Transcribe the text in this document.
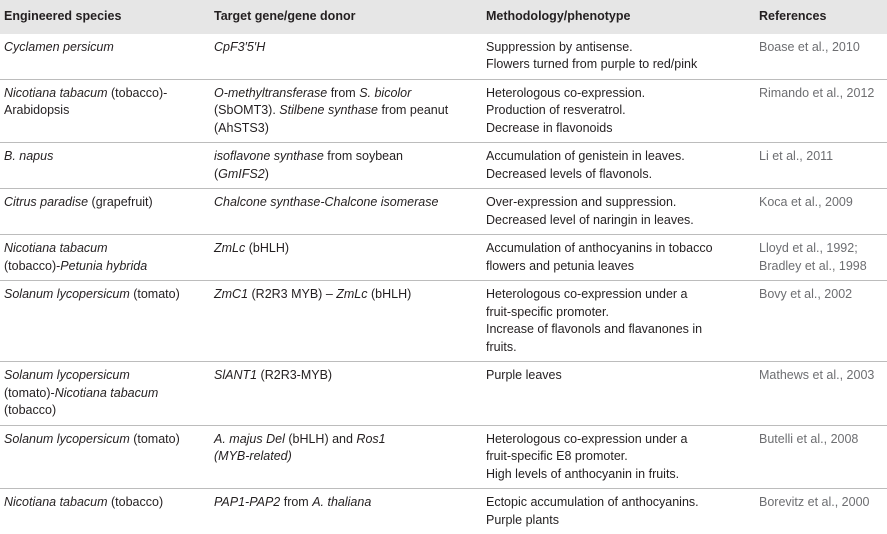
Engineered species	Target gene/gene donor	Methodology/phenotype	References

Cyclamen persicum	CpF3′5′H	Suppression by antisense.
Flowers turned from purple to red/pink	Boase et al., 2010

Nicotiana tabacum (tobacco)-
Arabidopsis	O-methyltransferase from S. bicolor
(SbOMT3). Stilbene synthase from peanut
(AhSTS3)	Heterologous co-expression.
Production of resveratrol.
Decrease in flavonoids	Rimando et al., 2012

B. napus	isoflavone synthase from soybean
(GmIFS2)	Accumulation of genistein in leaves.
Decreased levels of flavonols.	Li et al., 2011

Citrus paradise (grapefruit)	Chalcone synthase-Chalcone isomerase	Over-expression and suppression.
Decreased level of naringin in leaves.	Koca et al., 2009

Nicotiana tabacum
(tobacco)-Petunia hybrida	ZmLc (bHLH)	Accumulation of anthocyanins in tobacco
flowers and petunia leaves	Lloyd et al., 1992;
Bradley et al., 1998

Solanum lycopersicum (tomato)	ZmC1 (R2R3 MYB) – ZmLc (bHLH)	Heterologous co-expression under a
fruit-specific promoter.
Increase of flavonols and flavanones in
fruits.	Bovy et al., 2002

Solanum lycopersicum
(tomato)-Nicotiana tabacum
(tobacco)	SlANT1 (R2R3-MYB)	Purple leaves	Mathews et al., 2003

Solanum lycopersicum (tomato)	A. majus Del (bHLH) and Ros1
(MYB-related)	Heterologous co-expression under a
fruit-specific E8 promoter.
High levels of anthocyanin in fruits.	Butelli et al., 2008

Nicotiana tabacum (tobacco)	PAP1-PAP2 from A. thaliana	Ectopic accumulation of anthocyanins.
Purple plants	Borevitz et al., 2000
